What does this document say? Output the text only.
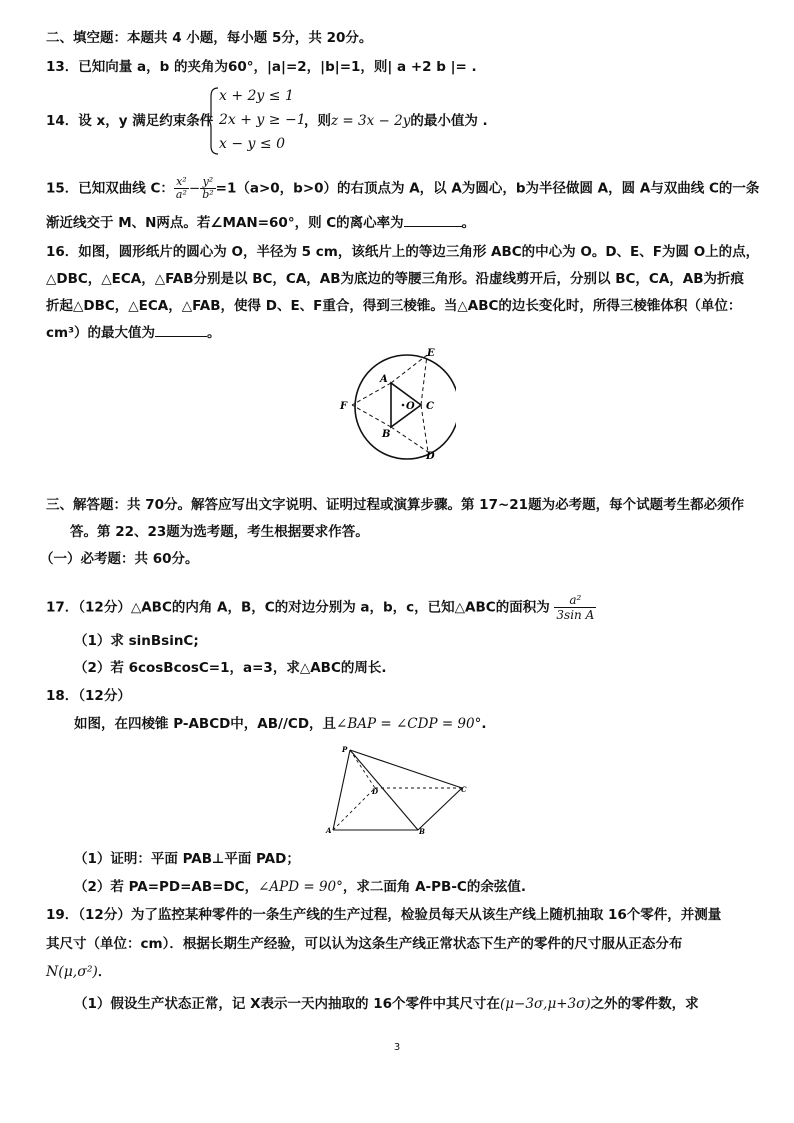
二、填空题：本题共 4 小题，每小题 5分，共 20分。
13．已知向量 a，b 的夹角为60°，|a|=2，|b|=1，则| a +2 b |= .
14．设 x，y 满足约束条件
x + 2y ≤ 1
2x + y ≥ −1
x − y ≤ 0
，则z = 3x − 2y的最小值为 .
15．已知双曲线 C： $\frac{\text{x²}}{\text{a²}} - \frac{\text{y²}}{\text{b²}} =1(a>0$，b>0）的右顶点为 A，以 A为圆心，b为半径做圆 A，圆 A与双曲线 C的一条
渐近线交于 M、N两点。若∠MAN=60°，则 C的离心率为	。
16．如图，圆形纸片的圆心为 O，半径为 5 cm，该纸片上的等边三角形 ABC的中心为 O。D、E、F为圆 O上的点，
△DBC，△ECA，△FAB分别是以 BC，CA，AB为底边的等腰三角形。沿虚线剪开后，分别以 BC，CA，AB为折痕
折起△DBC，△ECA，△FAB，使得 D、E、F重合，得到三棱锥。当△ABC的边长变化时，所得三棱锥体积（单位：
cm³）的最大值为	。
A
B
C
D
E
F	O
三、解答题：共 70分。解答应写出文字说明、证明过程或演算步骤。第 17~21题为必考题，每个试题考生都必须作
答。第 22、23题为选考题，考生根据要求作答。
（一）必考题：共 60分。
17．（12分）△ABC的内角 A，B，C的对边分别为 a，b，c，已知△ABC的面积为 $\frac{\text{a²}}{\text{3sin A}}$
（1）求 sinBsinC;
（2）若 6cosBcosC=1，a=3，求△ABC的周长.
18．（12分）
如图，在四棱锥 P-ABCD中，AB//CD，且∠BAP = ∠CDP = 90°.
P
A	B
C
D
（1）证明：平面 PAB⊥平面 PAD；
（2）若 PA=PD=AB=DC，∠APD = 90°，求二面角 A-PB-C的余弦值.
19．（12分）为了监控某种零件的一条生产线的生产过程，检验员每天从该生产线上随机抽取 16个零件，并测量
其尺寸（单位：cm）．根据长期生产经验，可以认为这条生产线正常状态下生产的零件的尺寸服从正态分布
N(μ,σ²)．
（1）假设生产状态正常，记 X表示一天内抽取的 16个零件中其尺寸在(μ−3σ,μ+3σ)之外的零件数，求
3
